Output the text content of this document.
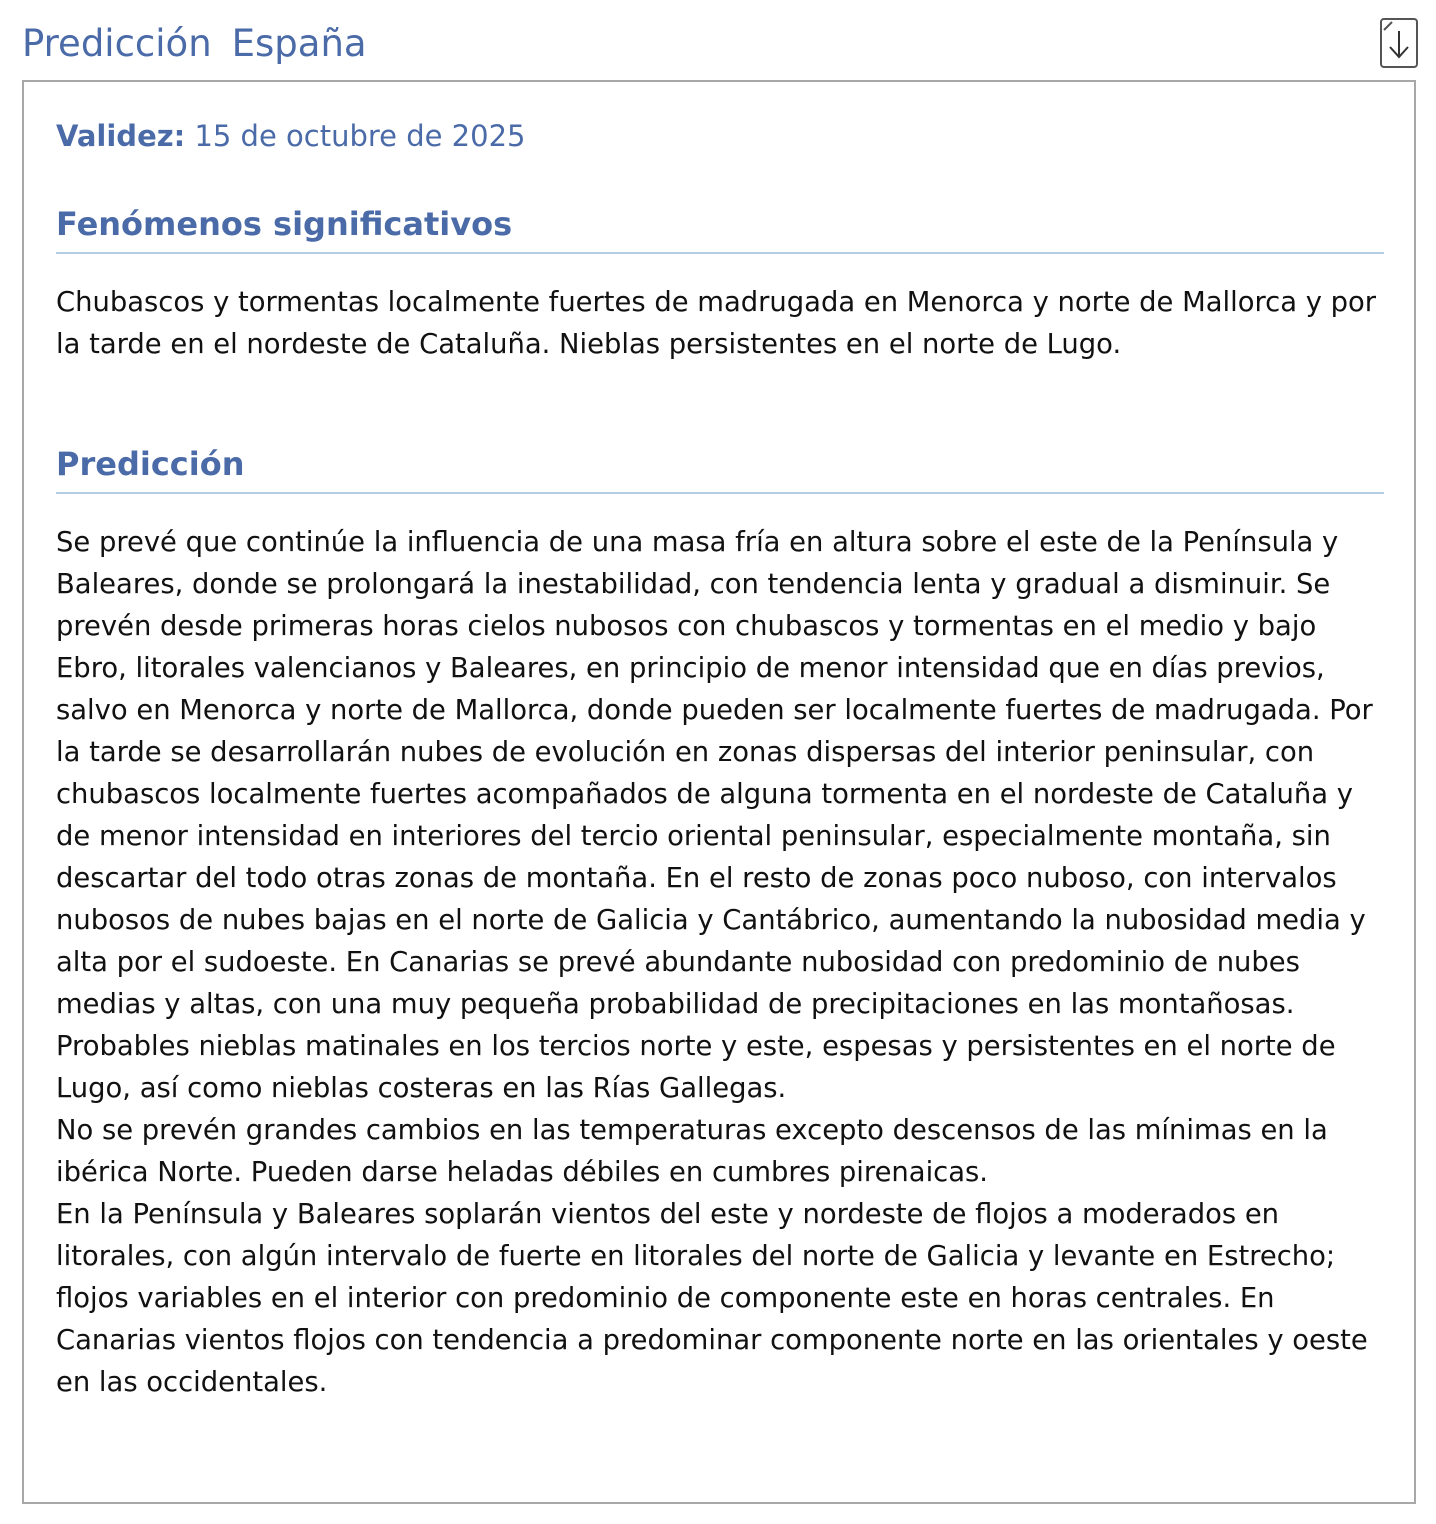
Predicción España
Validez: 15 de octubre de 2025
Fenómenos significativos

Chubascos y tormentas localmente fuertes de madrugada en Menorca y norte de Mallorca y por la tarde en el nordeste de Cataluña. Nieblas persistentes en el norte de Lugo.

Predicción

Se prevé que continúe la influencia de una masa fría en altura sobre el este de la Península y Baleares, donde se prolongará la inestabilidad, con tendencia lenta y gradual a disminuir. Se prevén desde primeras horas cielos nubosos con chubascos y tormentas en el medio y bajo Ebro, litorales valencianos y Baleares, en principio de menor intensidad que en días previos, salvo en Menorca y norte de Mallorca, donde pueden ser localmente fuertes de madrugada. Por la tarde se desarrollarán nubes de evolución en zonas dispersas del interior peninsular, con chubascos localmente fuertes acompañados de alguna tormenta en el nordeste de Cataluña y de menor intensidad en interiores del tercio oriental peninsular, especialmente montaña, sin descartar del todo otras zonas de montaña. En el resto de zonas poco nuboso, con intervalos nubosos de nubes bajas en el norte de Galicia y Cantábrico, aumentando la nubosidad media y alta por el sudoeste. En Canarias se prevé abundante nubosidad con predominio de nubes medias y altas, con una muy pequeña probabilidad de precipitaciones en las montañosas.

Probables nieblas matinales en los tercios norte y este, espesas y persistentes en el norte de Lugo, así como nieblas costeras en las Rías Gallegas.

No se prevén grandes cambios en las temperaturas excepto descensos de las mínimas en la ibérica Norte. Pueden darse heladas débiles en cumbres pirenaicas.

En la Península y Baleares soplarán vientos del este y nordeste de flojos a moderados en litorales, con algún intervalo de fuerte en litorales del norte de Galicia y levante en Estrecho; flojos variables en el interior con predominio de componente este en horas centrales. En Canarias vientos flojos con tendencia a predominar componente norte en las orientales y oeste en las occidentales.
